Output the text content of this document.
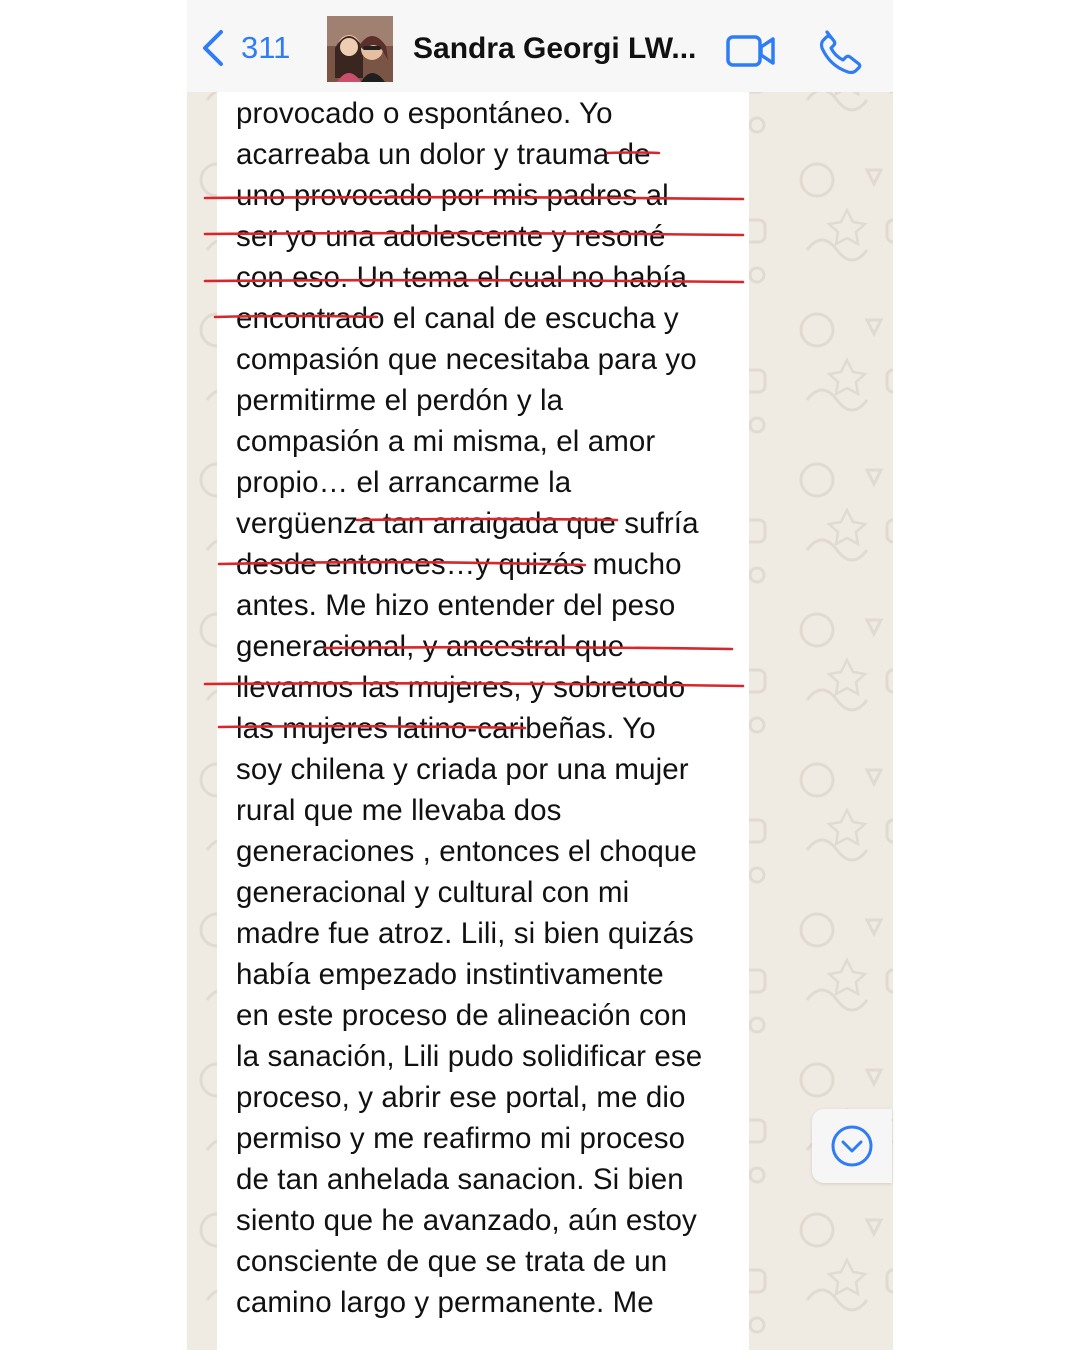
311	Sandra Georgi LW...

provocado o espontáneo. Yo
acarreaba un dolor y trauma de
uno provocado por mis padres al
ser yo una adolescente y resoné
con eso. Un tema el cual no había
encontrado el canal de escucha y
compasión que necesitaba para yo
permitirme el perdón y la
compasión a mi misma, el amor
propio… el arrancarme la
vergüenza tan arraigada que sufría
desde entonces…y quizás mucho
antes. Me hizo entender del peso
generacional, y ancestral que
llevamos las mujeres, y sobretodo
las mujeres latino-caribeñas. Yo
soy chilena y criada por una mujer
rural que me llevaba dos
generaciones , entonces el choque
generacional y cultural con mi
madre fue atroz. Lili, si bien quizás
había empezado instintivamente
en este proceso de alineación con
la sanación, Lili pudo solidificar ese
proceso, y abrir ese portal, me dio
permiso y me reafirmo mi proceso
de tan anhelada sanacion. Si bien
siento que he avanzado, aún estoy
consciente de que se trata de un
camino largo y permanente. Me
